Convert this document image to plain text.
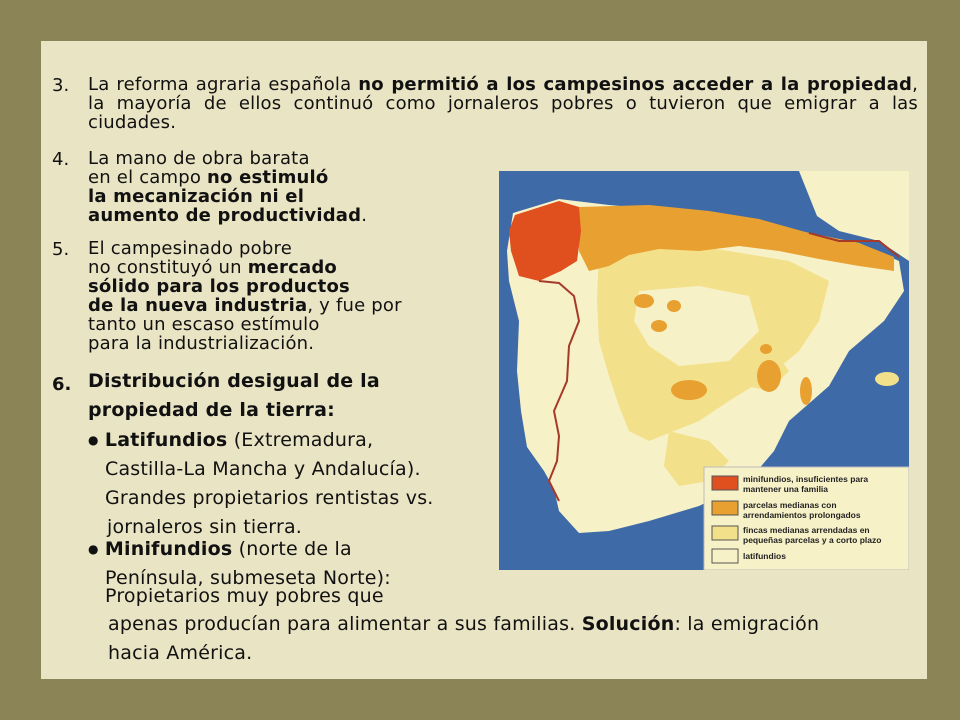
3. La reforma agraria española no permitió a los campesinos acceder a la propiedad, la mayoría de ellos continuó como jornaleros pobres o tuvieron que emigrar a las ciudades.

4. La mano de obra barata
en el campo no estimuló
la mecanización ni el
aumento de productividad.
5. El campesinado pobre
no constituyó un mercado
sólido para los productos
de la nueva industria, y fue por
tanto un escaso estímulo
para la industrialización.
6. Distribución desigual de la
propiedad de la tierra:
● Latifundios (Extremadura,
Castilla-La Mancha y Andalucía).
Grandes propietarios rentistas vs.
jornaleros sin tierra.
● Minifundios (norte de la
Península, submeseta Norte):
Propietarios muy pobres que
apenas producían para alimentar a sus familias. Solución: la emigración
hacia América.
minifundios, insuficientes para
mantener una familia
parcelas medianas con
arrendamientos prolongados
fincas medianas arrendadas en
pequeñas parcelas y a corto plazo
latifundios
